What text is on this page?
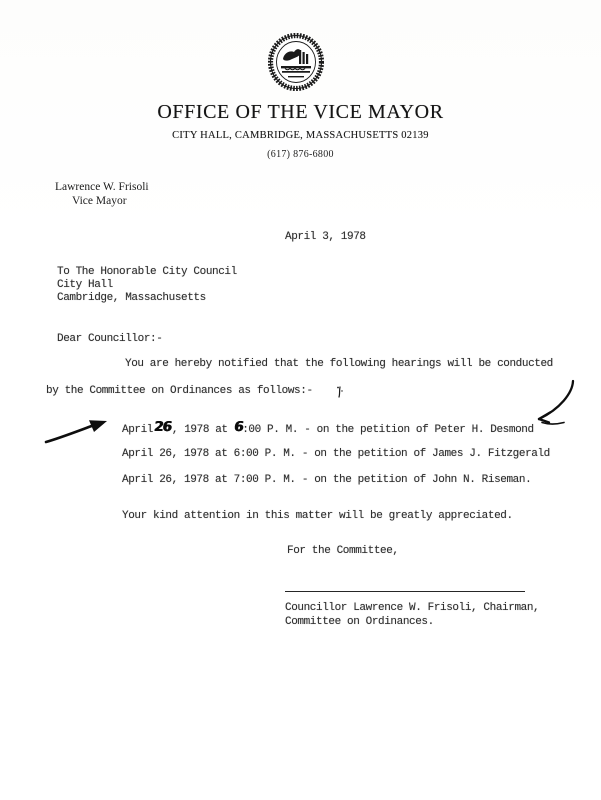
OFFICE OF THE VICE MAYOR
CITY HALL, CAMBRIDGE, MASSACHUSETTS 02139
(617) 876-6800
Lawrence W. Frisoli
Vice Mayor
April 3, 1978
To The Honorable City Council
City Hall
Cambridge, Massachusetts
Dear Councillor:-
You are hereby notified that the following hearings will be conducted
by the Committee on Ordinances as follows:-
April26, 1978 at 6:00 P. M. - on the petition of Peter H. Desmond
April 26, 1978 at 6:00 P. M. - on the petition of James J. Fitzgerald
April 26, 1978 at 7:00 P. M. - on the petition of John N. Riseman.
Your kind attention in this matter will be greatly appreciated.
For the Committee,
Councillor Lawrence W. Frisoli, Chairman,
Committee on Ordinances.
